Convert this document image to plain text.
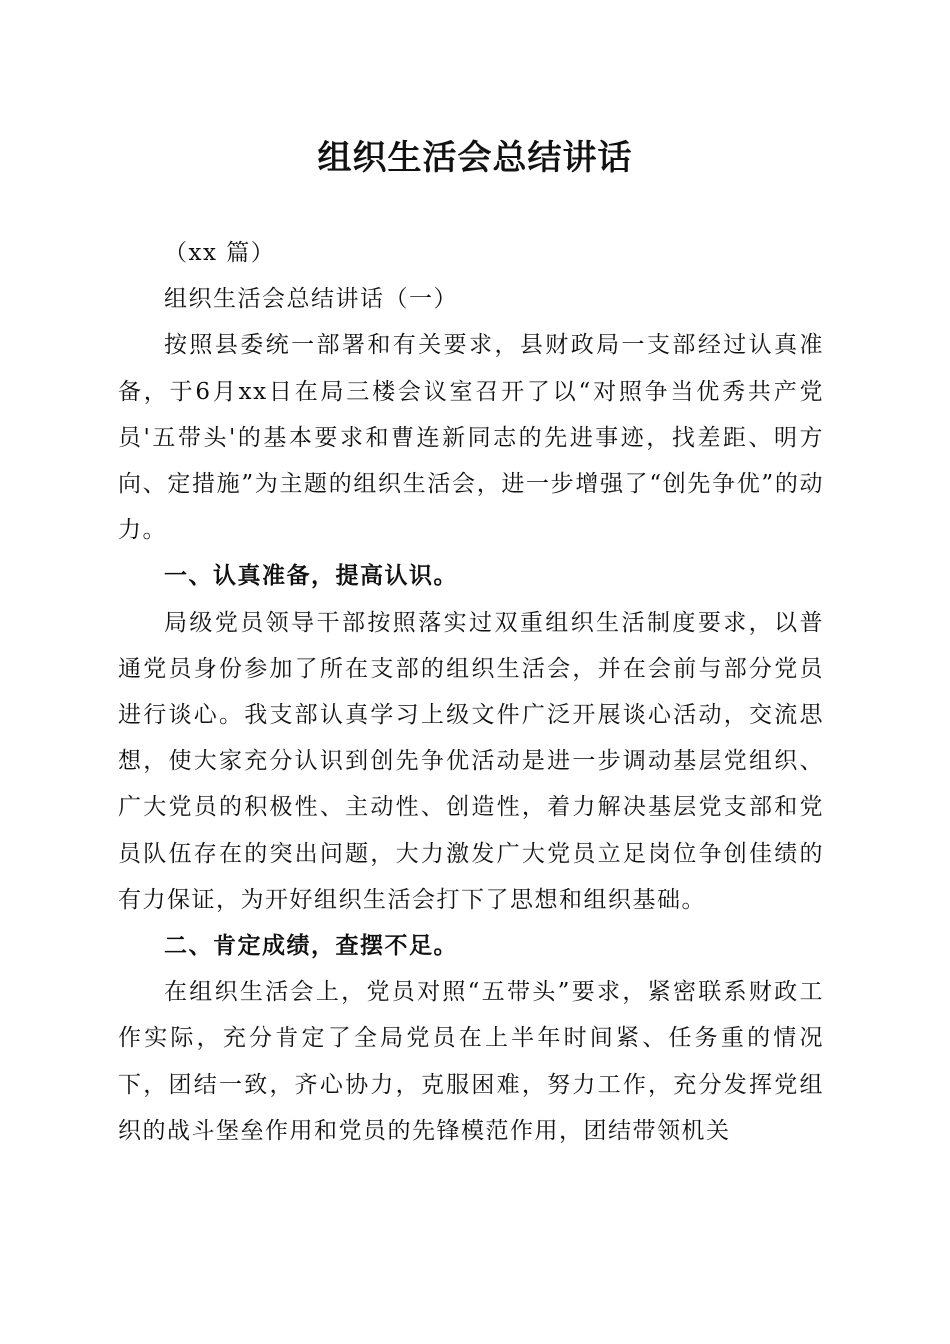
组织生活会总结讲话

（xx 篇）

组织生活会总结讲话（一）

按照县委统一部署和有关要求，县财政局一支部经过认真准备，于6月xx日在局三楼会议室召开了以“对照争当优秀共产党员'五带头'的基本要求和曹连新同志的先进事迹，找差距、明方向、定措施”为主题的组织生活会，进一步增强了“创先争优”的动力。

一、认真准备，提高认识。

局级党员领导干部按照落实过双重组织生活制度要求，以普通党员身份参加了所在支部的组织生活会，并在会前与部分党员进行谈心。我支部认真学习上级文件广泛开展谈心活动，交流思想，使大家充分认识到创先争优活动是进一步调动基层党组织、广大党员的积极性、主动性、创造性，着力解决基层党支部和党员队伍存在的突出问题，大力激发广大党员立足岗位争创佳绩的有力保证，为开好组织生活会打下了思想和组织基础。

二、肯定成绩，查摆不足。

在组织生活会上，党员对照“五带头”要求，紧密联系财政工作实际，充分肯定了全局党员在上半年时间紧、任务重的情况下，团结一致，齐心协力，克服困难，努力工作，充分发挥党组织的战斗堡垒作用和党员的先锋模范作用，团结带领机关
